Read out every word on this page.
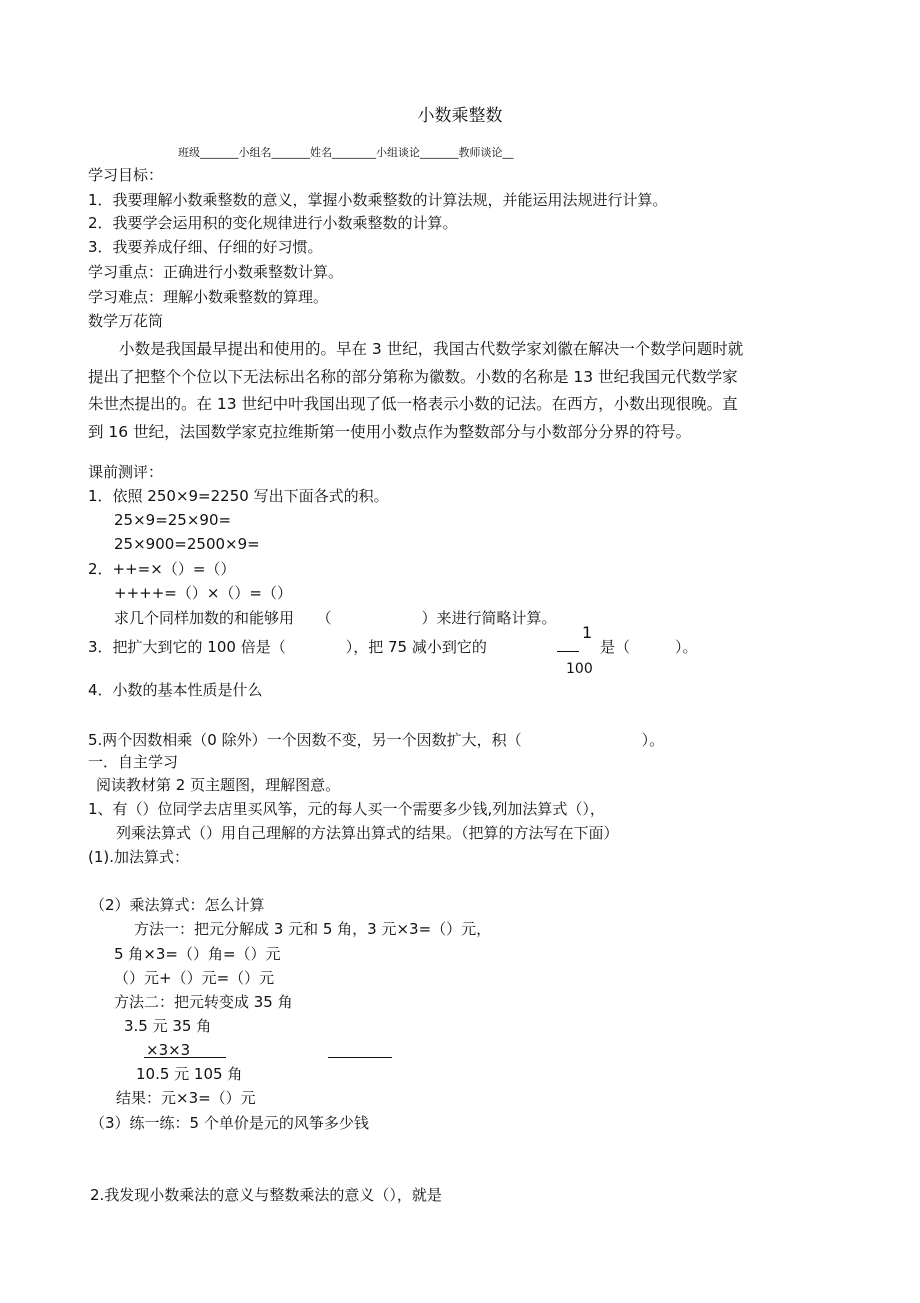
小数乘整数
班级_______小组名_______姓名________小组谈论_______教师谈论__
学习目标：
1．我要理解小数乘整数的意义，掌握小数乘整数的计算法规，并能运用法规进行计算。
2．我要学会运用积的变化规律进行小数乘整数的计算。
3．我要养成仔细、仔细的好习惯。
学习重点：正确进行小数乘整数计算。
学习难点：理解小数乘整数的算理。
数学万花筒

　　小数是我国最早提出和使用的。早在 3 世纪，我国古代数学家刘徽在解决一个数学问题时就

提出了把整个个位以下无法标出名称的部分第称为徽数。小数的名称是 13 世纪我国元代数学家

朱世杰提出的。在 13 世纪中叶我国出现了低一格表示小数的记法。在西方，小数出现很晚。直

到 16 世纪，法国数学家克拉维斯第一使用小数点作为整数部分与小数部分分界的符号。

课前测评：
1．依照 250×9=2250 写出下面各式的积。
25×9=25×90=
25×900=2500×9=
2．++=×（）=（）
++++=（）×（）=（）
求几个同样加数的和能够用　　（　　　　　　）来进行简略计算。
3．把扩大到它的 100 倍是（　　　　），把 75 减小到它的
1
100
是（　　　）。
4．小数的基本性质是什么
5.两个因数相乘（0 除外）一个因数不变，另一个因数扩大，积（　　　　　　　　）。
一．自主学习
阅读教材第 2 页主题图，理解图意。
1、有（）位同学去店里买风筝，元的每人买一个需要多少钱,列加法算式（），
列乘法算式（）用自己理解的方法算出算式的结果。（把算的方法写在下面）
(1).加法算式：
（2）乘法算式：怎么计算
方法一：把元分解成 3 元和 5 角，3 元×3=（）元，
5 角×3=（）角=（）元
（）元+（）元=（）元
方法二：把元转变成 35 角
3.5 元 35 角
×3×3
10.5 元 105 角
结果：元×3=（）元
（3）练一练：5 个单价是元的风筝多少钱
2.我发现小数乘法的意义与整数乘法的意义（），就是
